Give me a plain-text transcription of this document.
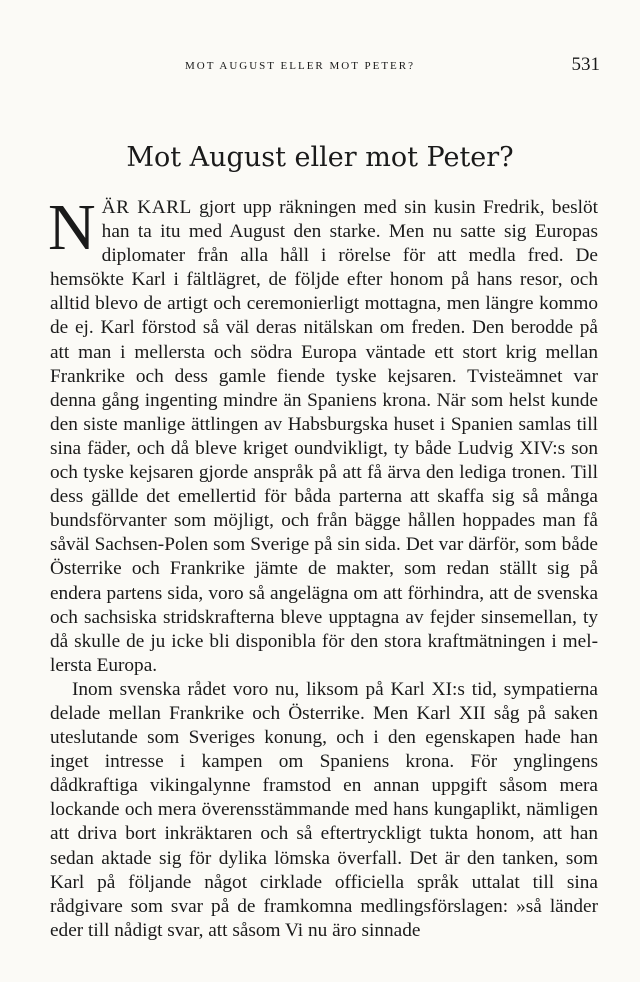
MOT AUGUST ELLER MOT PETER?	531
Mot August eller mot Peter?

NÄR KARL gjort upp räkningen med sin kusin Fredrik, beslöt han ta itu med August den starke. Men nu satte sig Europas diplomater från alla håll i rörelse för att medla fred. De hemsökte Karl i fältlägret, de följde efter honom på hans resor, och alltid blevo de artigt och ceremonierligt mottagna, men längre kommo de ej. Karl förstod så väl deras nitälskan om freden. Den berodde på att man i mellersta och södra Europa väntade ett stort krig mellan Frankrike och dess gamle fiende tyske kejsaren. Tvisteämnet var denna gång ingenting mindre än Spaniens krona. När som helst kunde den siste manlige ättlingen av Habsburgska huset i Spanien samlas till sina fäder, och då bleve kriget oundvikligt, ty både Ludvig XIV:s son och tyske kejsaren gjorde anspråk på att få ärva den lediga tronen. Till dess gällde det emellertid för båda parterna att skaffa sig så många bundsförvanter som möjligt, och från bägge hållen hoppades man få såväl Sachsen-Polen som Sverige på sin sida. Det var därför, som både Österrike och Frankrike jämte de makter, som redan ställt sig på endera partens sida, voro så angelägna om att förhindra, att de svenska och sachsiska stridskrafterna bleve upptagna av fejder sinsemellan, ty då skulle de ju icke bli disponibla för den stora kraftmätningen i mellersta Europa.

Inom svenska rådet voro nu, liksom på Karl XI:s tid, sympatierna delade mellan Frankrike och Österrike. Men Karl XII såg på saken uteslutande som Sveriges konung, och i den egenskapen hade han inget intresse i kampen om Spaniens krona. För ynglingens dådkraftiga vikingalynne framstod en annan uppgift såsom mera lockande och mera överensstämmande med hans kungaplikt, nämligen att driva bort inkräktaren och så eftertryckligt tukta honom, att han sedan aktade sig för dylika lömska överfall. Det är den tanken, som Karl på följande något cirklade officiella språk uttalat till sina rådgivare som svar på de framkomna medlingsförslagen: »så länder eder till nådigt svar, att såsom Vi nu äro sinnade
